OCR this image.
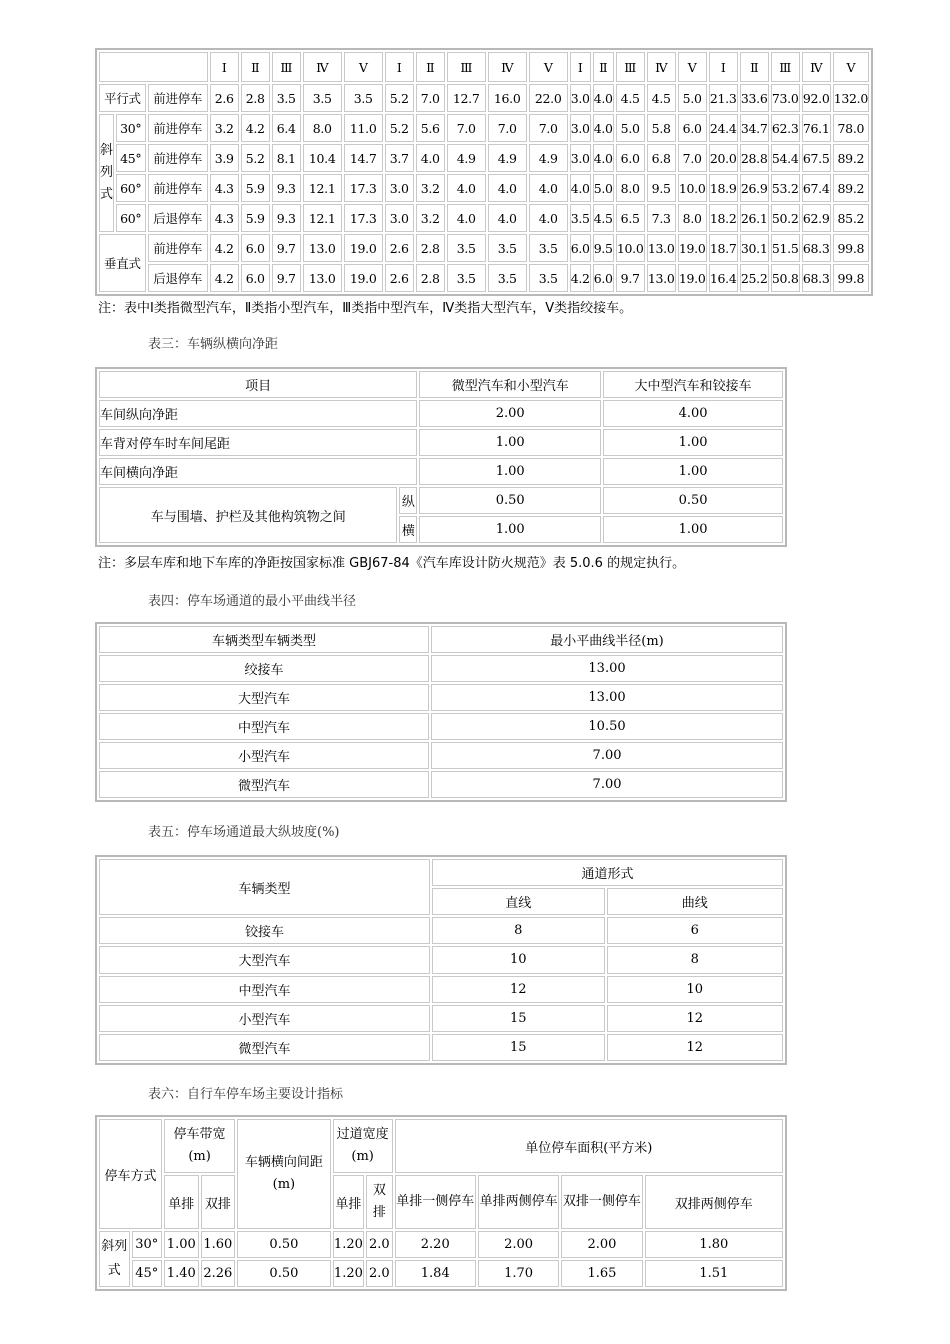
			Ⅰ	Ⅱ	Ⅲ	Ⅳ	Ⅴ	Ⅰ	Ⅱ	Ⅲ	Ⅳ	Ⅴ	Ⅰ	Ⅱ	Ⅲ	Ⅳ	Ⅴ	Ⅰ	Ⅱ	Ⅲ	Ⅳ	Ⅴ
平行式		前进停车	2.6	2.8	3.5	3.5	3.5	5.2	7.0	12.7	16.0	22.0	3.0	4.0	4.5	4.5	5.0	21.3	33.6	73.0	92.0	132.0
斜列式	30°	前进停车	3.2	4.2	6.4	8.0	11.0	5.2	5.6	7.0	7.0	7.0	3.0	4.0	5.0	5.8	6.0	24.4	34.7	62.3	76.1	78.0
	45°	前进停车	3.9	5.2	8.1	10.4	14.7	3.7	4.0	4.9	4.9	4.9	3.0	4.0	6.0	6.8	7.0	20.0	28.8	54.4	67.5	89.2
	60°	前进停车	4.3	5.9	9.3	12.1	17.3	3.0	3.2	4.0	4.0	4.0	4.0	5.0	8.0	9.5	10.0	18.9	26.9	53.2	67.4	89.2
	60°	后退停车	4.3	5.9	9.3	12.1	17.3	3.0	3.2	4.0	4.0	4.0	3.5	4.5	6.5	7.3	8.0	18.2	26.1	50.2	62.9	85.2
垂直式		前进停车	4.2	6.0	9.7	13.0	19.0	2.6	2.8	3.5	3.5	3.5	6.0	9.5	10.0	13.0	19.0	18.7	30.1	51.5	68.3	99.8
		后退停车	4.2	6.0	9.7	13.0	19.0	2.6	2.8	3.5	3.5	3.5	4.2	6.0	9.7	13.0	19.0	16.4	25.2	50.8	68.3	99.8
注：表中Ⅰ类指微型汽车，Ⅱ类指小型汽车，Ⅲ类指中型汽车，Ⅳ类指大型汽车，Ⅴ类指绞接车。
表三：车辆纵横向净距
项目		微型汽车和小型汽车	大中型汽车和铰接车
车间纵向净距		2.00	4.00
车背对停车时车间尾距		1.00	1.00
车间横向净距		1.00	1.00
车与围墙、护栏及其他构筑物之间	纵	0.50	0.50
	横	1.00	1.00
注：多层车库和地下车库的净距按国家标准 GBJ67-84《汽车库设计防火规范》表 5.0.6 的规定执行。
表四：停车场通道的最小平曲线半径
车辆类型车辆类型	最小平曲线半径(m)
绞接车	13.00
大型汽车	13.00
中型汽车	10.50
小型汽车	7.00
微型汽车	7.00
表五：停车场通道最大纵坡度(%)
车辆类型	通道形式	
	直线	曲线
铰接车	8	6
大型汽车	10	8
中型汽车	12	10
小型汽车	15	12
微型汽车	15	12
表六：自行车停车场主要设计指标
停车方式		停车带宽(m)		车辆横向间距(m)	过道宽度(m)		单位停车面积(平方米)			
		单排	双排		单排	双排	单排一侧停车	单排两侧停车	双排一侧停车	双排两侧停车
斜列式	30°	1.00	1.60	0.50	1.20	2.0	2.20	2.00	2.00	1.80
	45°	1.40	2.26	0.50	1.20	2.0	1.84	1.70	1.65	1.51
